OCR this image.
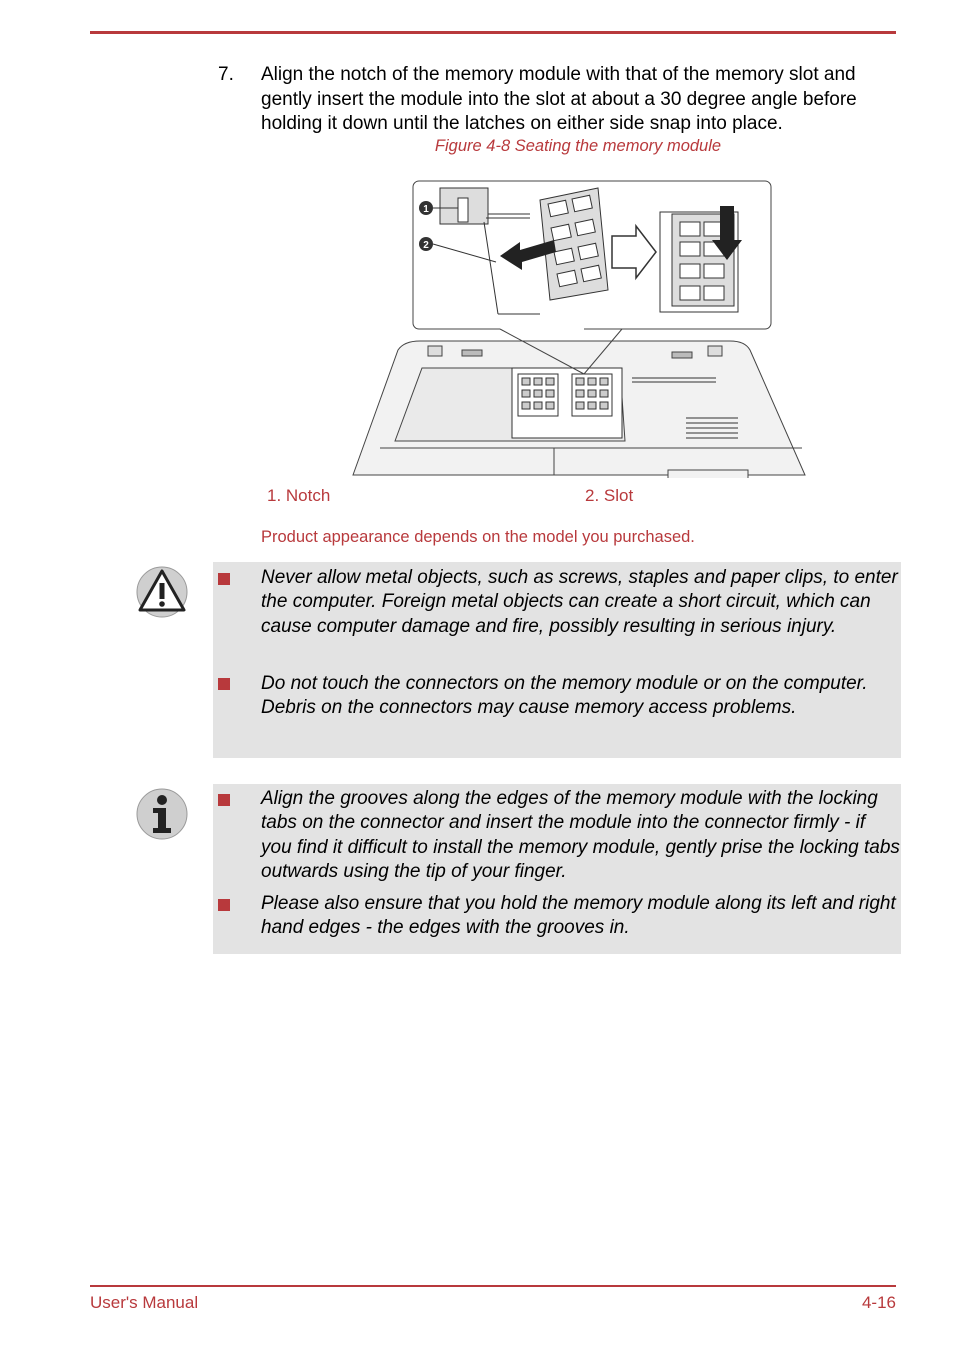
7. Align the notch of the memory module with that of the memory slot and gently insert the module into the slot at about a 30 degree angle before holding it down until the latches on either side snap into place.
Figure 4-8 Seating the memory module
1
2
1. Notch	2. Slot
Product appearance depends on the model you purchased.
Never allow metal objects, such as screws, staples and paper clips, to enter the computer. Foreign metal objects can create a short circuit, which can cause computer damage and fire, possibly resulting in serious injury.
Do not touch the connectors on the memory module or on the computer. Debris on the connectors may cause memory access problems.
Align the grooves along the edges of the memory module with the locking tabs on the connector and insert the module into the connector firmly - if you find it difficult to install the memory module, gently prise the locking tabs outwards using the tip of your finger.
Please also ensure that you hold the memory module along its left and right hand edges - the edges with the grooves in.
User's Manual	4-16
